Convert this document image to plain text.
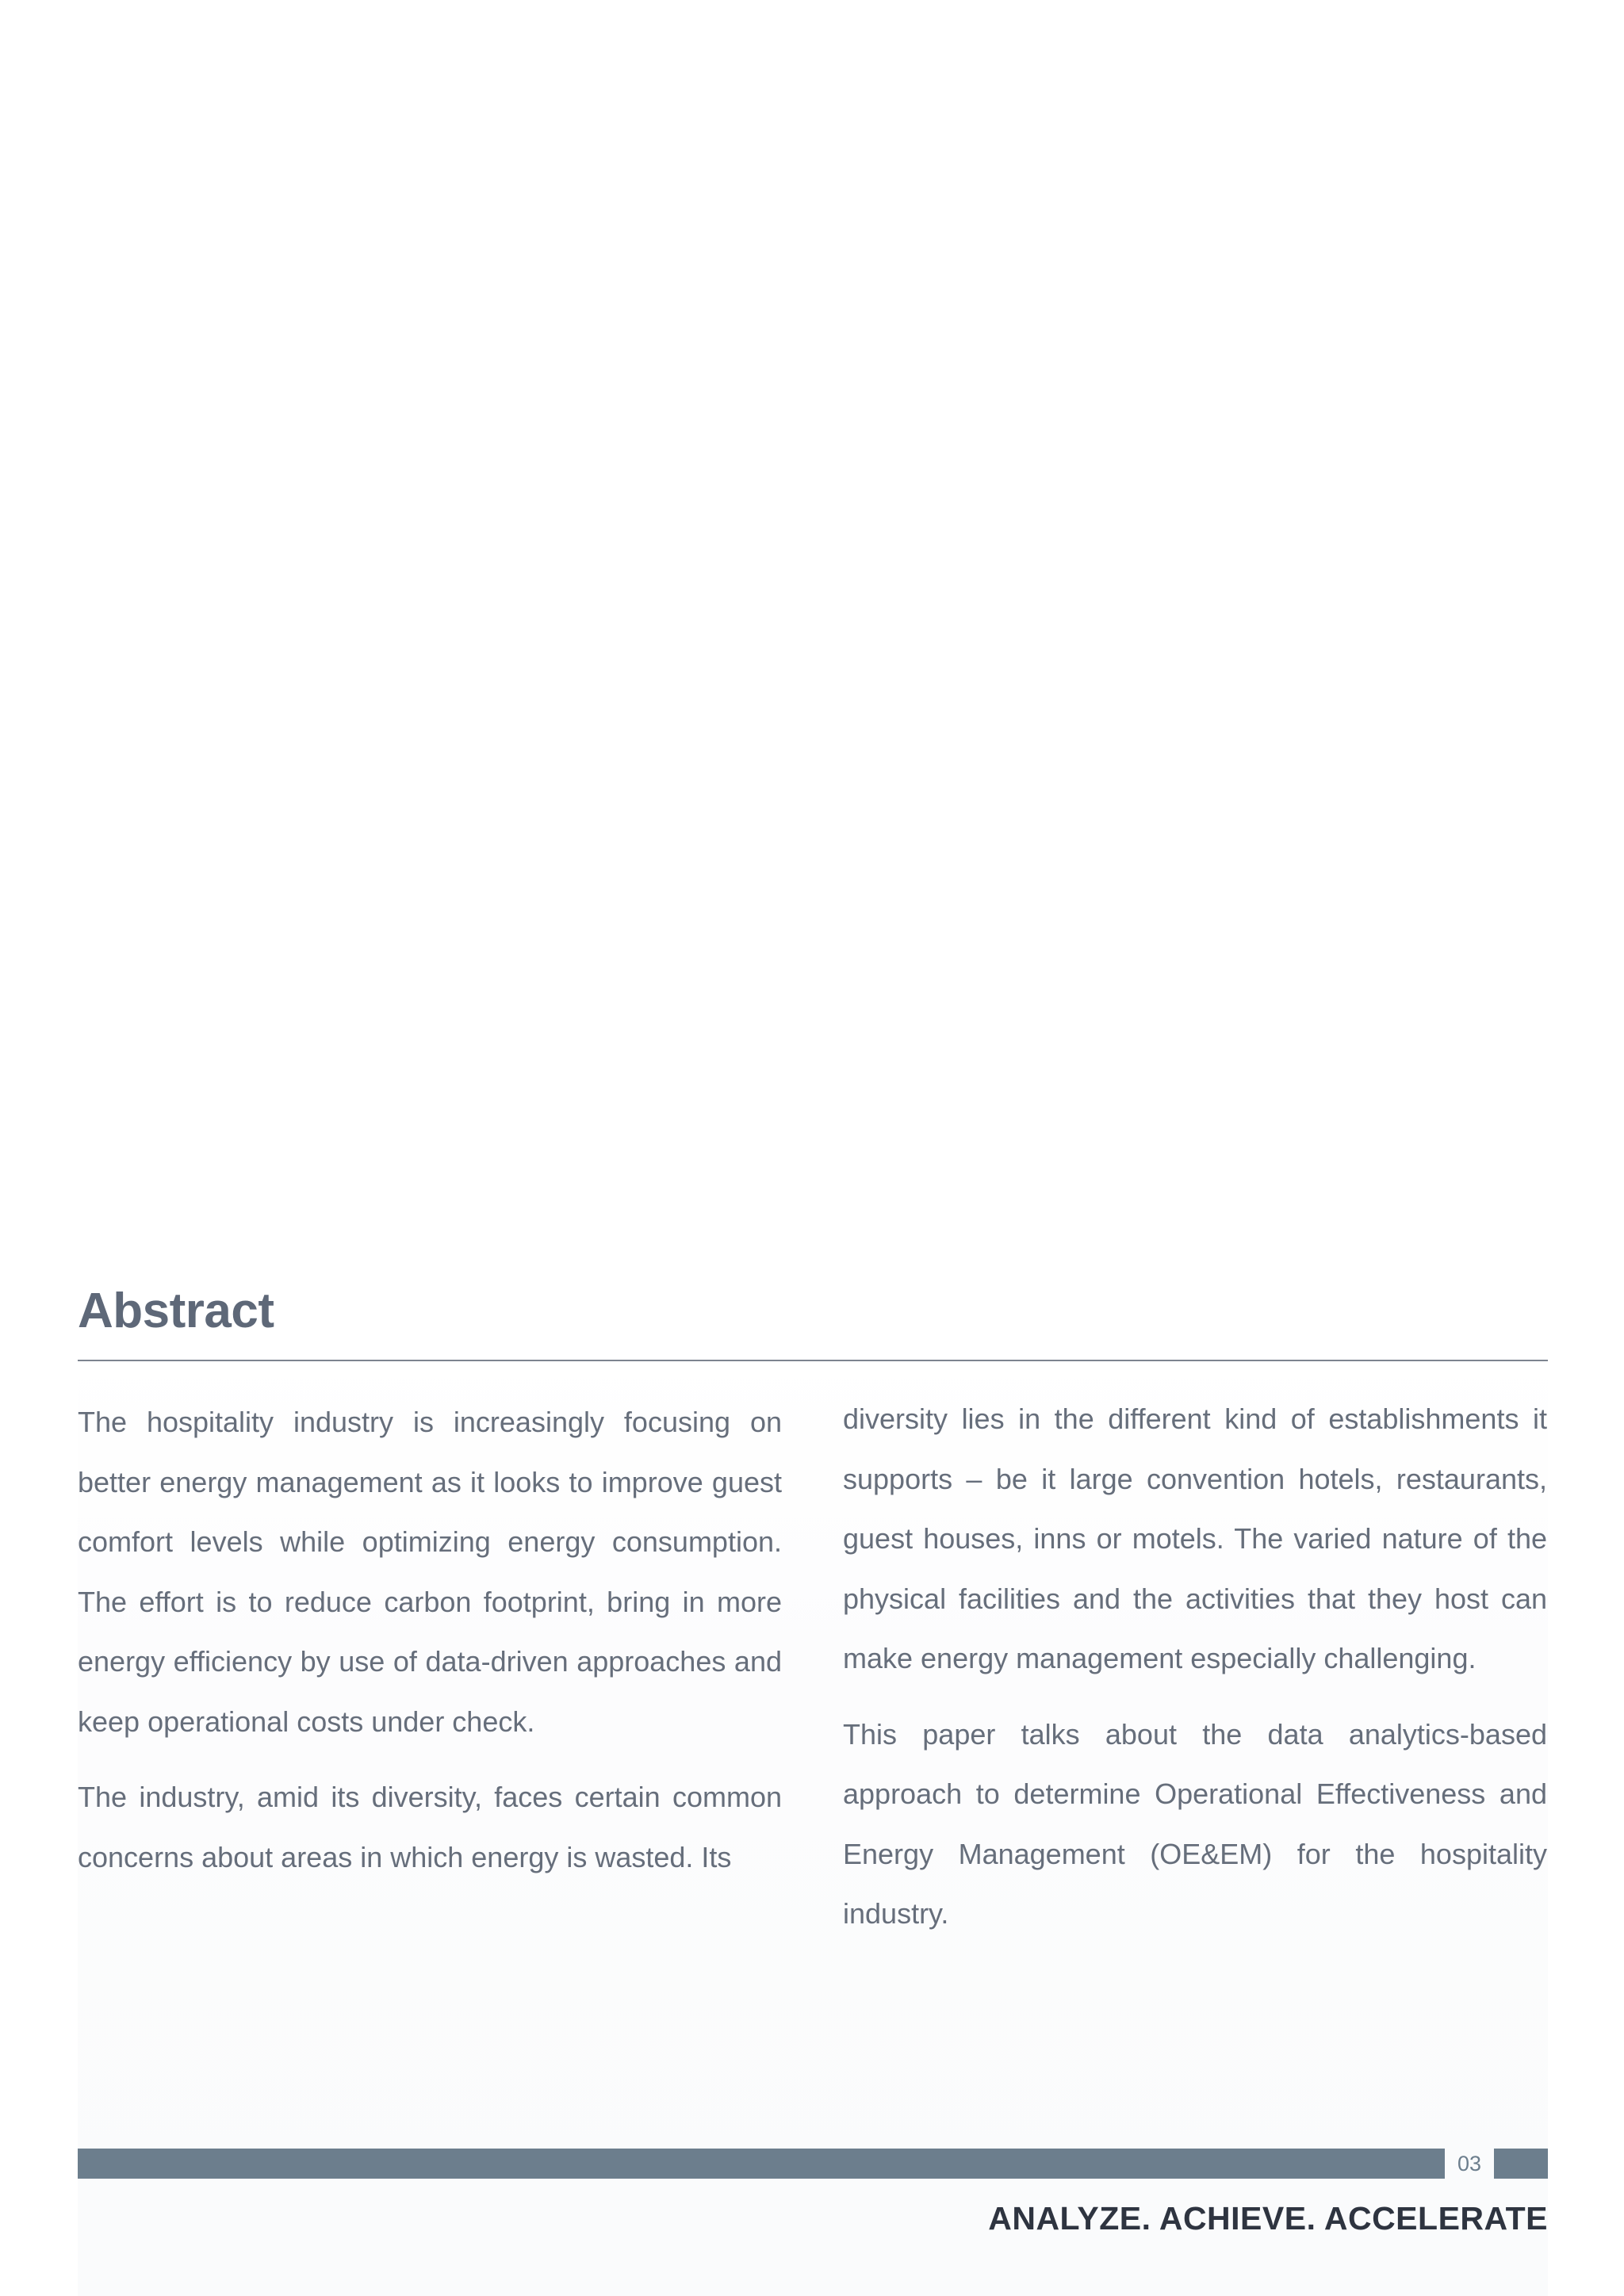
Abstract

The hospitality industry is increasingly focusing on better energy management as it looks to improve guest comfort levels while optimizing energy consumption. The effort is to reduce carbon footprint, bring in more energy efficiency by use of data-driven approaches and keep operational costs under check.

The industry, amid its diversity, faces certain common concerns about areas in which energy is wasted. Its

diversity lies in the different kind of establishments it supports – be it large convention hotels, restaurants, guest houses, inns or motels. The varied nature of the physical facilities and the activities that they host can make energy management especially challenging.

This paper talks about the data analytics-based approach to determine Operational Effectiveness and Energy Management (OE&EM) for the hospitality industry.

03
ANALYZE. ACHIEVE. ACCELERATE
